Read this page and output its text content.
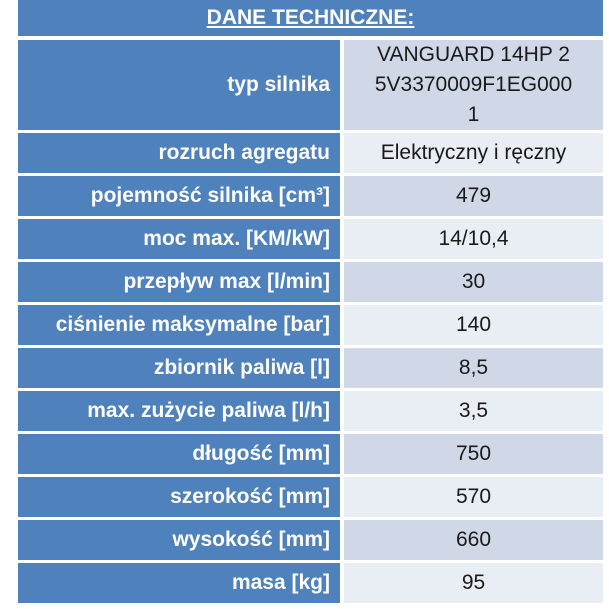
DANE TECHNICZNE:
typ silnika	VANGUARD 14HP 25V3370009F1EG0001
rozruch agregatu	Elektryczny i ręczny
pojemność silnika [cm³]	479
moc max. [KM/kW]	14/10,4
przepływ max [l/min]	30
ciśnienie maksymalne [bar]	140
zbiornik paliwa [l]	8,5
max. zużycie paliwa [l/h]	3,5
długość [mm]	750
szerokość [mm]	570
wysokość [mm]	660
masa [kg]	95
